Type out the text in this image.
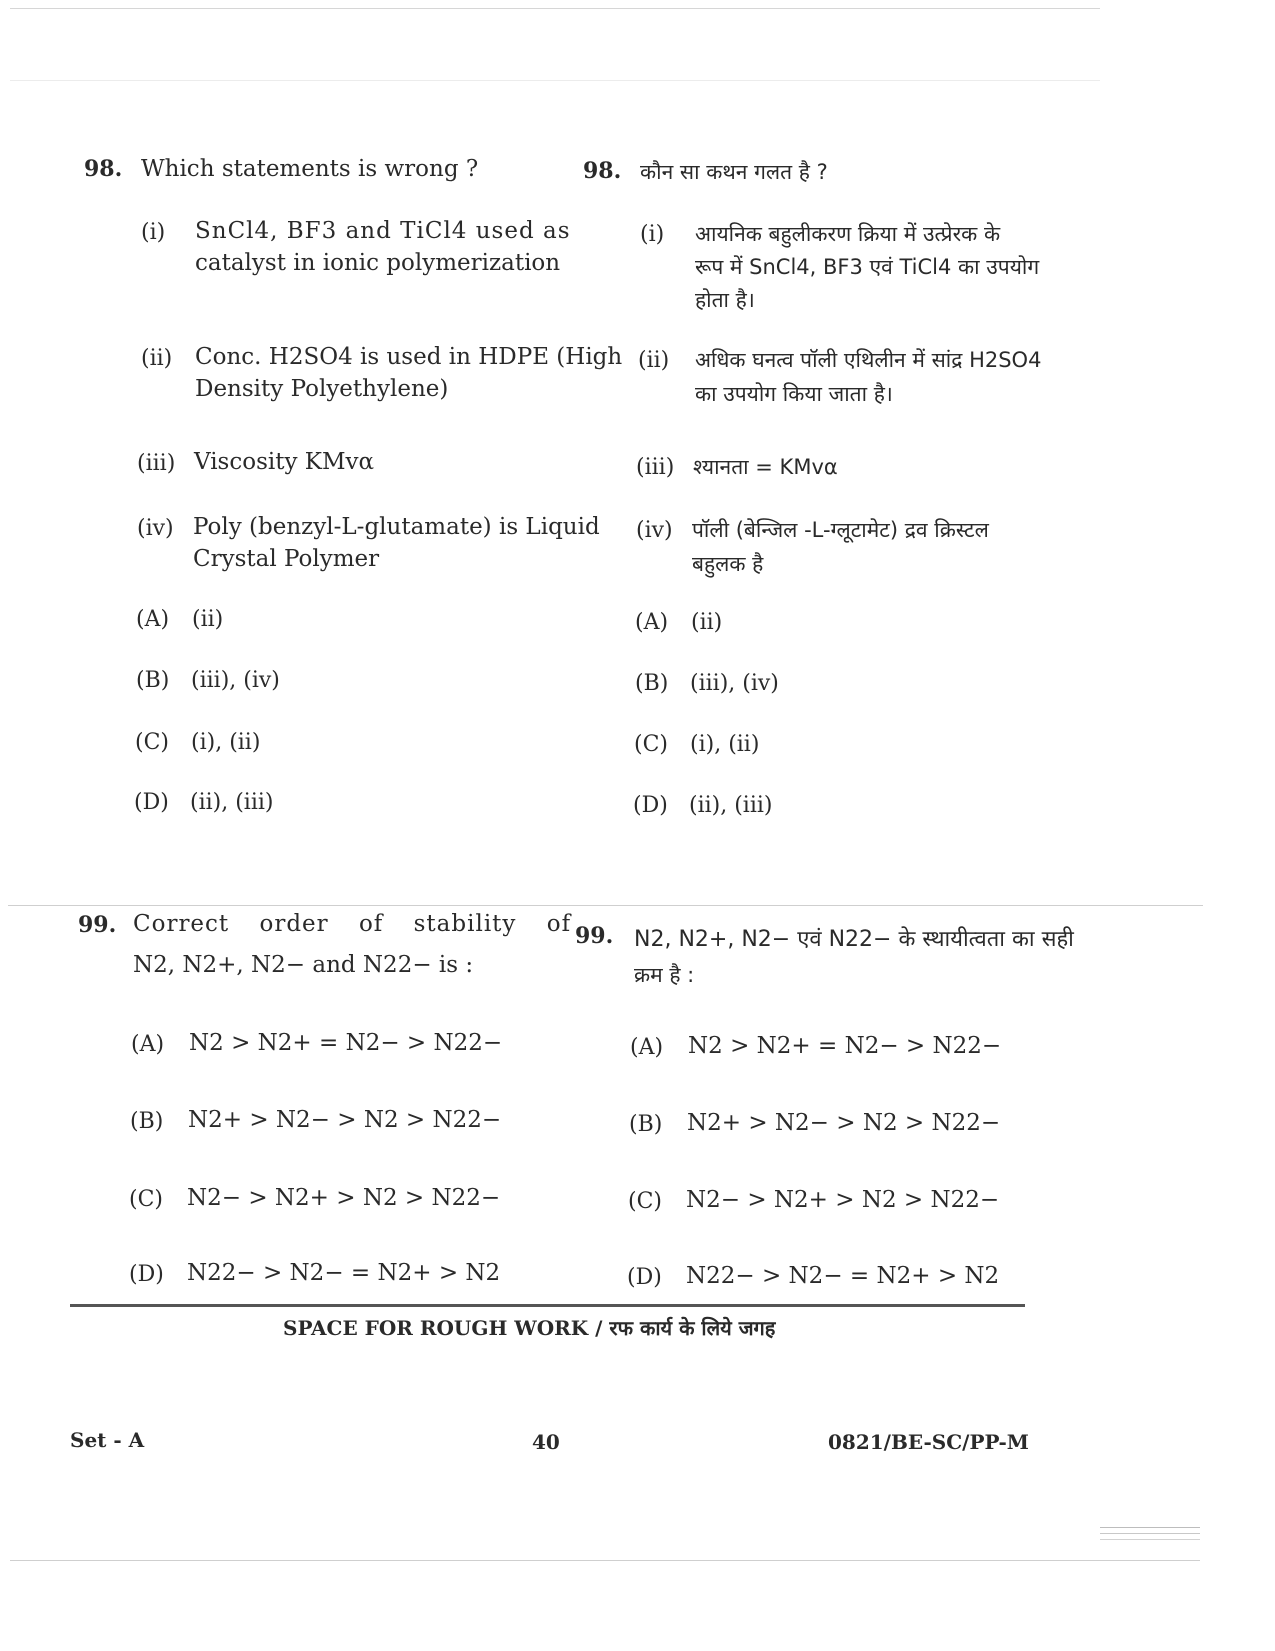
98. Which statements is wrong ?
(i) SnCl4, BF3 and TiCl4 used as
catalyst in ionic polymerization
(ii) Conc. H2SO4 is used in HDPE (High
Density Polyethylene)
(iii) Viscosity KMvα
(iv) Poly (benzyl-L-glutamate) is Liquid
Crystal Polymer
(A) (ii)
(B) (iii), (iv)
(C) (i), (ii)
(D) (ii), (iii)
98. कौन सा कथन गलत है ?
(i) आयनिक बहुलीकरण क्रिया में उत्प्रेरक के
रूप में SnCl4, BF3 एवं TiCl4 का उपयोग
होता है।
(ii) अधिक घनत्व पॉली एथिलीन में सांद्र H2SO4
का उपयोग किया जाता है।
(iii) श्यानता = KMvα
(iv) पॉली (बेन्जिल -L-ग्लूटामेट) द्रव क्रिस्टल
बहुलक है
(A) (ii)
(B) (iii), (iv)
(C) (i), (ii)
(D) (ii), (iii)
99. Correct order of stability of
N2, N2+, N2− and N22− is :
(A) N2 > N2+ = N2− > N22−
(B) N2+ > N2− > N2 > N22−
(C) N2− > N2+ > N2 > N22−
(D) N22− > N2− = N2+ > N2
99. N2, N2+, N2− एवं N22− के स्थायीत्वता का सही
क्रम है :
(A) N2 > N2+ = N2− > N22−
(B) N2+ > N2− > N2 > N22−
(C) N2− > N2+ > N2 > N22−
(D) N22− > N2− = N2+ > N2
SPACE FOR ROUGH WORK / रफ कार्य के लिये जगह
Set - A	40	0821/BE-SC/PP-M
